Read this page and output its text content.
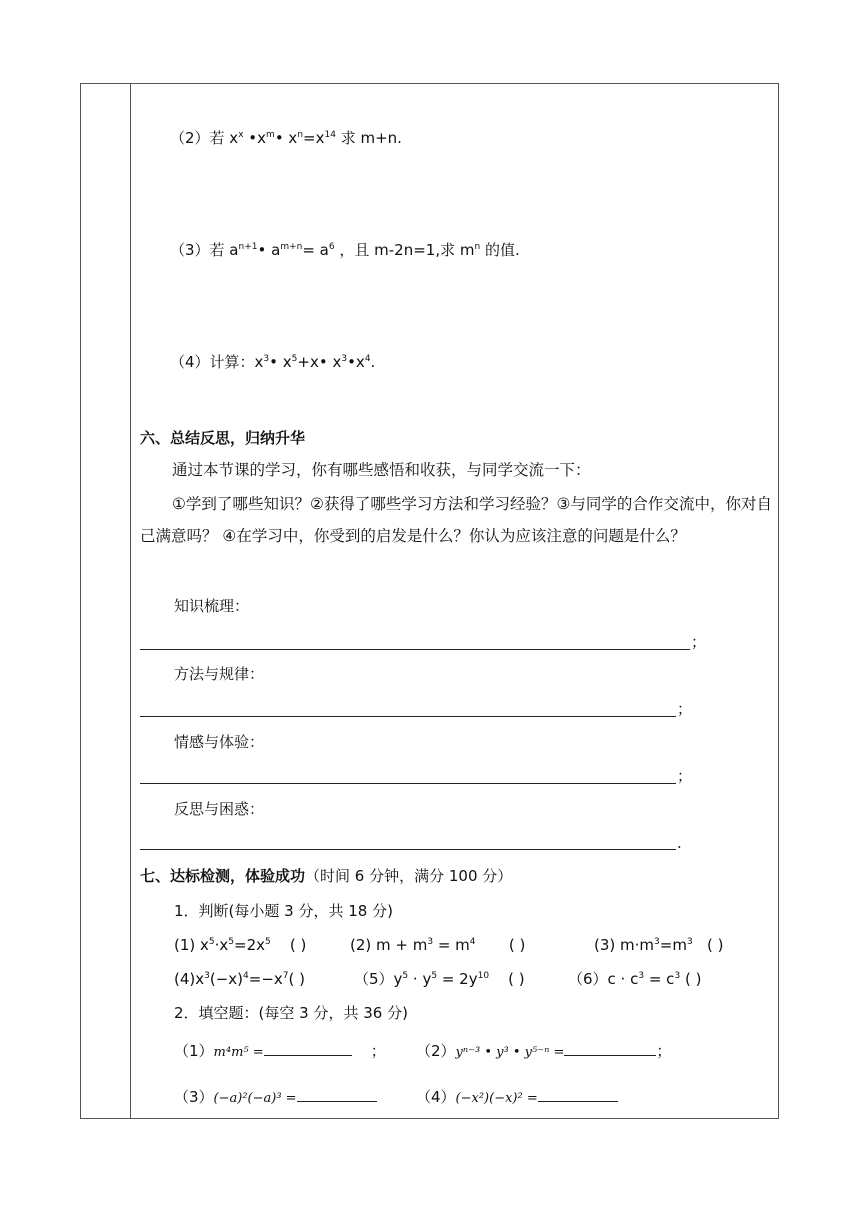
（2）若 $x^x$ $•x^m•$ $x^n=x^{14}$ 求 m+n.
（3）若 $a^{n+1}•$ $a^{m+n}= a^6$ ，且 m-2n=1,求 $m^n$ 的值.
（4）计算：$x^3•$ $x^5+x•$ $x^3•x^4$.
六、总结反思，归纳升华
通过本节课的学习，你有哪些感悟和收获，与同学交流一下：
①学到了哪些知识？②获得了哪些学习方法和学习经验？③与同学的合作交流中，你对自己满意吗？ ④在学习中，你受到的启发是什么？你认为应该注意的问题是什么？
知识梳理：
；
方法与规律：
；
情感与体验：
；
反思与困惑：
.
七、达标检测，体验成功（时间 6 分钟，满分 100 分）
1．判断(每小题 3 分，共 18 分)
(1) $x^5\cdot x^5=2x^5$ ( )	(2) $m + m^3 = m^4$ ( )	(3) $m\cdot m^3=m^3$ ( )
$(4)x^3(-x)^4=-x^7$( )	$(5)y^5 \cdot y^5 = 2y^{10}$ ( )	$(6)c \cdot c^3 = c^3$ ( )
2．填空题：(每空 3 分，共 36 分)
（1）m⁴m⁵ =	； （2）yⁿ⁻³ • y³ • y⁵⁻ⁿ =	；
（3）(−a)²(−a)³ =	（4）(−x²)(−x)² =
